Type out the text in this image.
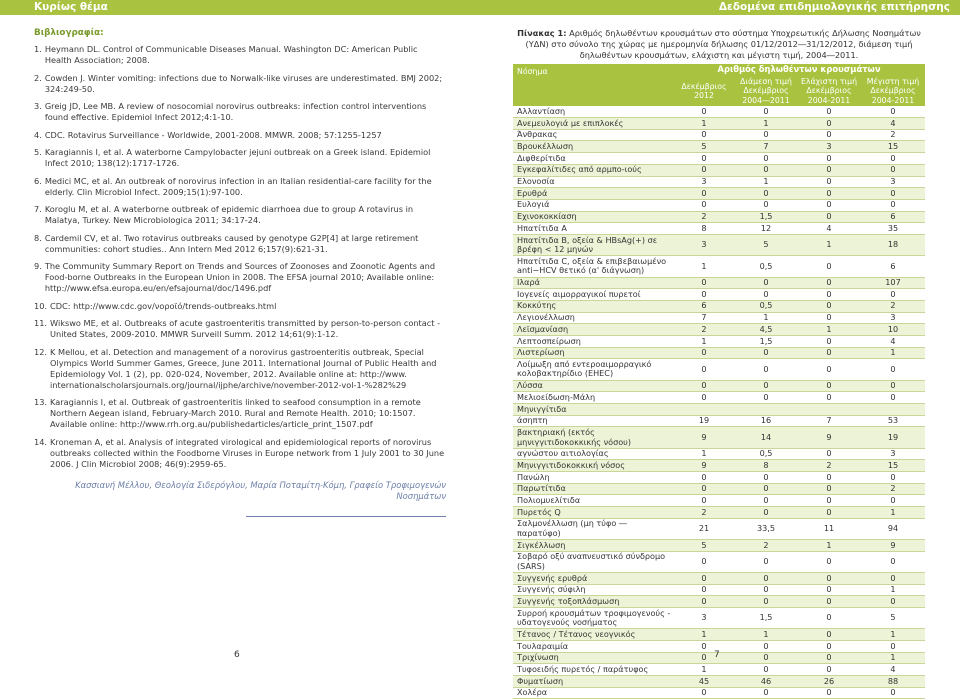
Κυρίως θέμα	Δεδομένα επιδημιολογικής επιτήρησης
Βιβλιογραφία:
1. Heymann DL. Control of Communicable Diseases Manual. Washington DC: American Public Health Association; 2008.
2. Cowden J. Winter vomiting: infections due to Norwalk-like viruses are underestimated. BMJ 2002; 324:249-50.
3. Greig JD, Lee MB. A review of nosocomial norovirus outbreaks: infection control interventions found effective. Epidemiol Infect 2012;4:1-10.
4. CDC. Rotavirus Surveillance - Worldwide, 2001-2008. MMWR. 2008; 57:1255-1257
5. Karagiannis I, et al. A waterborne Campylobacter jejuni outbreak on a Greek island. Epidemiol Infect 2010; 138(12):1717-1726.
6. Medici MC, et al. An outbreak of norovirus infection in an Italian residential-care facility for the elderly. Clin Microbiol Infect. 2009;15(1):97-100.
7. Koroglu M, et al. A waterborne outbreak of epidemic diarrhoea due to group A rotavirus in Malatya, Turkey. New Microbiologica 2011; 34:17-24.
8. Cardemil CV, et al. Two rotavirus outbreaks caused by genotype G2P[4] at large retirement communities: cohort studies.. Ann Intern Med 2012 6;157(9):621-31.
9. The Community Summary Report on Trends and Sources of Zoonoses and Zoonotic Agents and Food-borne Outbreaks in the European Union in 2008. The EFSA journal 2010; Available online: http://www.efsa.europa.eu/en/efsajournal/doc/1496.pdf
10. CDC: http://www.cdc.gov/νοροϊό/trends-outbreaks.html
11. Wikswo ME, et al. Outbreaks of acute gastroenteritis transmitted by person-to-person contact - United States, 2009-2010. MMWR Surveill Summ. 2012 14;61(9):1-12.
12. K Mellou, et al. Detection and management of a norovirus gastroenteritis outbreak, Special Olympics World Summer Games, Greece, June 2011. International Journal of Public Health and Epidemiology Vol. 1 (2), pp. 020-024, November, 2012. Available online at: http://www. internationalscholarsjournals.org/journal/ijphe/archive/november-2012-vol-1-%282%29
13. Karagiannis I, et al. Outbreak of gastroenteritis linked to seafood consumption in a remote Northern Aegean island, February-March 2010. Rural and Remote Health. 2010; 10:1507. Available online: http://www.rrh.org.au/publishedarticles/article_print_1507.pdf
14. Kroneman A, et al. Analysis of integrated virological and epidemiological reports of norovirus outbreaks collected within the Foodborne Viruses in Europe network from 1 July 2001 to 30 June 2006. J Clin Microbiol 2008; 46(9):2959-65.
Κασσιανή Μέλλου, Θεολογία Σιδερόγλου, Μαρία Ποταμίτη-Κόμη, Γραφείο Τροφιμογενών Νοσημάτων

Πίνακας 1: Αριθμός δηλωθέντων κρουσμάτων στο σύστημα Υποχρεωτικής Δήλωσης Νοσημάτων (ΥΔΝ) στο σύνολο της χώρας με ημερομηνία δήλωσης 01/12/2012―31/12/2012, διάμεση τιμή δηλωθέντων κρουσμάτων, ελάχιστη και μέγιστη τιμή, 2004―2011.

Νόσημα	Αριθμός δηλωθέντων κρουσμάτων			
	Δεκέμβριος 2012	Διάμεση τιμή Δεκέμβριος 2004―2011	Ελάχιστη τιμή Δεκέμβριος 2004-2011	Μέγιστη τιμή Δεκέμβριος 2004-2011
Αλλαντίαση	0	0	0	0
Ανεμευλογιά με επιπλοκές	1	1	0	4
Άνθρακας	0	0	0	2
Βρουκέλλωση	5	7	3	15
Διφθερίτιδα	0	0	0	0
Εγκεφαλίτιδες από αρμπο-ιούς	0	0	0	0
Ελονοσία	3	1	0	3
Ερυθρά	0	0	0	0
Ευλογιά	0	0	0	0
Εχινοκοκκίαση	2	1,5	0	6
Ηπατίτιδα Α	8	12	4	35
Ηπατίτιδα Β, οξεία & HBsAg(+) σε βρέφη < 12 μηνών	3	5	1	18
Ηπατίτιδα C, οξεία & επιβεβαιωμένο anti−HCV θετικό (α' διάγνωση)	1	0,5	0	6
Ιλαρά	0	0	0	107
Ιογενείς αιμορραγικοί πυρετοί	0	0	0	0
Κοκκύτης	6	0,5	0	2
Λεγιονέλλωση	7	1	0	3
Λεϊσμανίαση	2	4,5	1	10
Λεπτοσπείρωση	1	1,5	0	4
Λιστερίωση	0	0	0	1
Λοίμωξη από εντεροαιμορραγικό κολοβακτηρίδιο (EHEC)	0	0	0	0
Λύσσα	0	0	0	0
Μελιοείδωση-Μάλη	0	0	0	0
Μηνιγγίτιδα				
άσηπτη	19	16	7	53
βακτηριακή (εκτός μηνιγγιτιδοκοκκικής νόσου)	9	14	9	19
αγνώστου αιτιολογίας	1	0,5	0	3
Μηνιγγιτιδοκοκκική νόσος	9	8	2	15
Πανώλη	0	0	0	0
Παρωτίτιδα	0	0	0	2
Πολιομυελίτιδα	0	0	0	0
Πυρετός Q	2	0	0	1
Σαλμονέλλωση (μη τύφο ― παρατύφο)	21	33,5	11	94
Σιγκέλλωση	5	2	1	9
Σοβαρό οξύ αναπνευστικό σύνδρομο (SARS)	0	0	0	0
Συγγενής ερυθρά	0	0	0	0
Συγγενής σύφιλη	0	0	0	1
Συγγενής τοξοπλάσμωση	0	0	0	0
Συρροή κρουσμάτων τροφιμογενούς - υδατογενούς νοσήματος	3	1,5	0	5
Τέτανος / Τέτανος νεογνικός	1	1	0	1
Τουλαραιμία	0	0	0	0
Τριχίνωση	0	0	0	1
Τυφοειδής πυρετός / παράτυφος	1	0	0	4
Φυματίωση	45	46	26	88
Χολέρα	0	0	0	0
6	7
